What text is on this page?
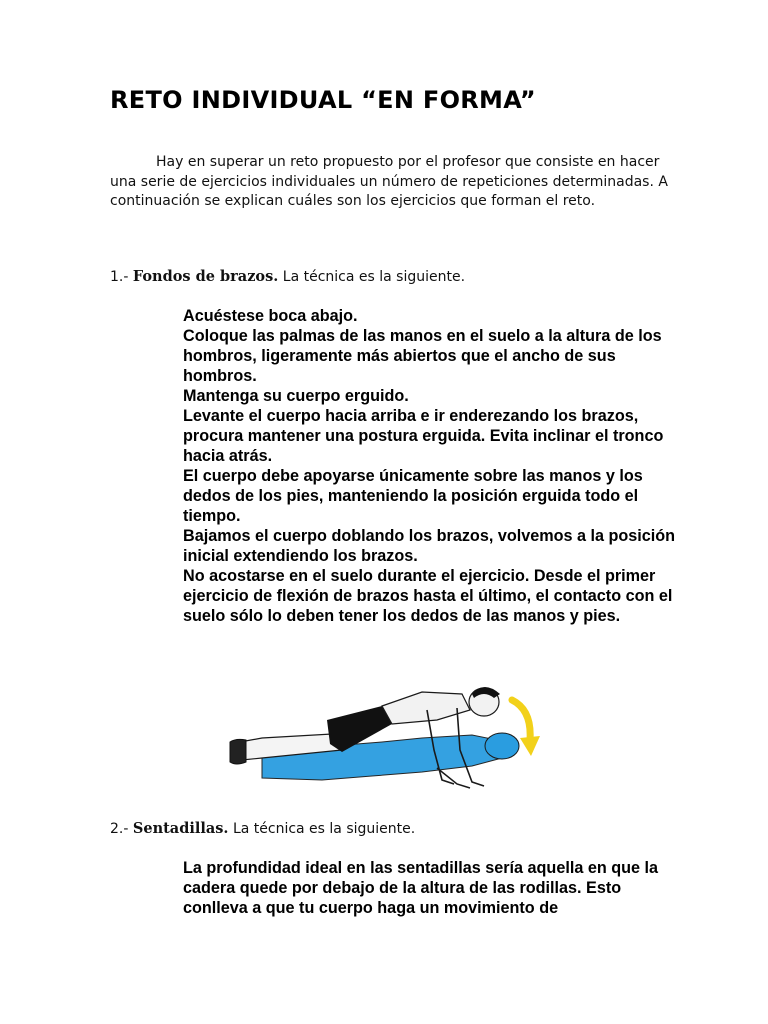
RETO INDIVIDUAL “EN FORMA”

Hay en superar un reto propuesto por el profesor que consiste en hacer una serie de ejercicios individuales un número de repeticiones determinadas. A continuación se explican cuáles son los ejercicios que forman el reto.

1.- Fondos de brazos. La técnica es la siguiente.

Acuéstese boca abajo.
Coloque las palmas de las manos en el suelo a la altura de los hombros, ligeramente más abiertos que el ancho de sus hombros.
Mantenga su cuerpo erguido.
Levante el cuerpo hacia arriba e ir enderezando los brazos, procura mantener una postura erguida. Evita inclinar el tronco hacia atrás.
El cuerpo debe apoyarse únicamente sobre las manos y los dedos de los pies, manteniendo la posición erguida todo el tiempo.
Bajamos el cuerpo doblando los brazos, volvemos a la posición inicial extendiendo los brazos.
No acostarse en el suelo durante el ejercicio. Desde el primer ejercicio de flexión de brazos hasta el último, el contacto con el suelo sólo lo deben tener los dedos de las manos y pies.

2.- Sentadillas. La técnica es la siguiente.

La profundidad ideal en las sentadillas sería aquella en que la cadera quede por debajo de la altura de las rodillas. Esto conlleva a que tu cuerpo haga un movimiento de
